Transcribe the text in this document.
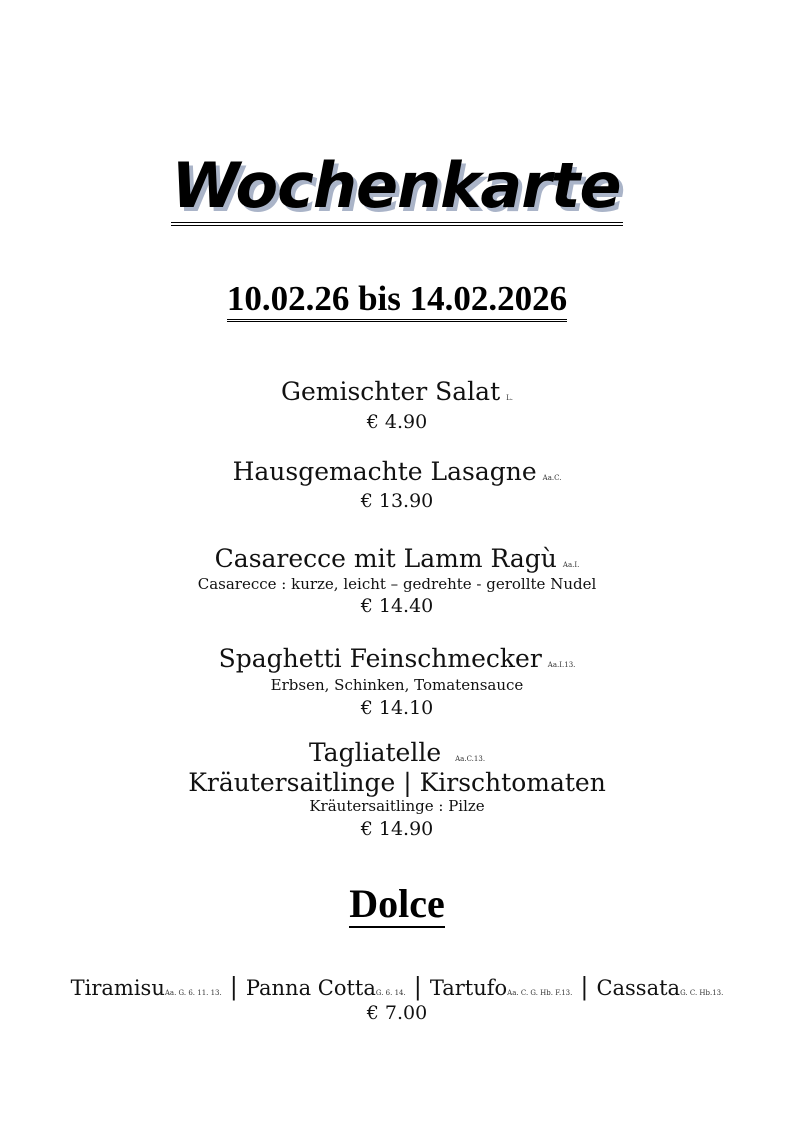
Wochenkarte
10.02.26 bis 14.02.2026
Gemischter Salat L.
€ 4.90
Hausgemachte Lasagne Aa.C.
€ 13.90
Casarecce mit Lamm Ragù Aa.I.
Casarecce : kurze, leicht – gedrehte - gerollte Nudel
€ 14.40
Spaghetti Feinschmecker Aa.I.13.
Erbsen, Schinken, Tomatensauce
€ 14.10
Tagliatelle Aa.C.13.
Kräutersaitlinge | Kirschtomaten
Kräutersaitlinge : Pilze
€ 14.90
Dolce
TiramisuAa. G. 6. 11. 13. | Panna CottaG. 6. 14. | TartufoAa. C. G. Hb. F.13. | CassataG. C. Hb.13.
€ 7.00
